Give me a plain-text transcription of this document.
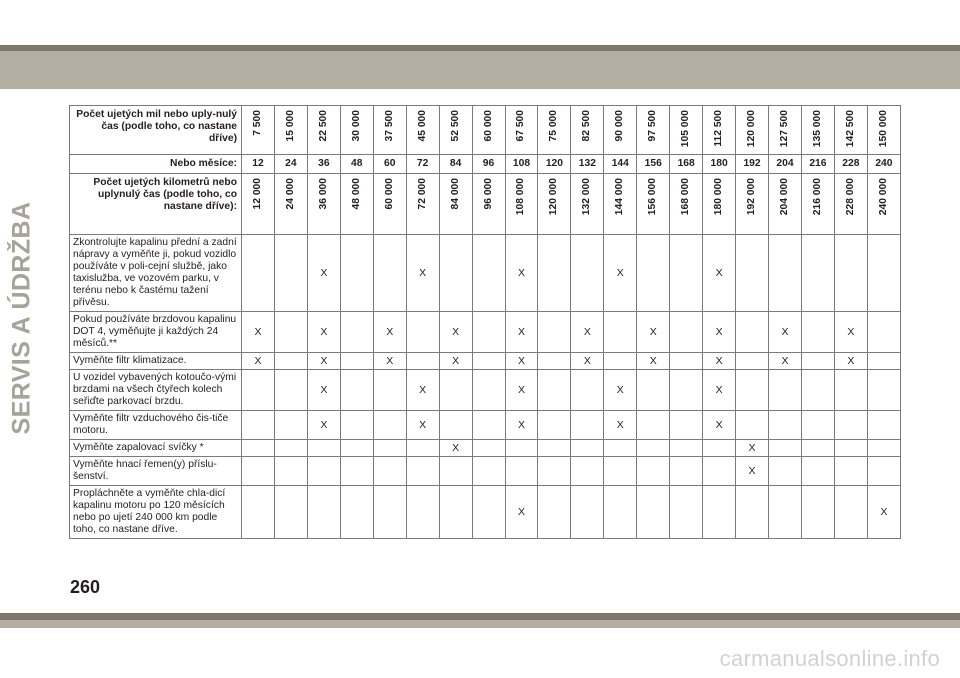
SERVIS A ÚDRŽBA
Počet ujetých mil nebo uply-nulý čas (podle toho, co nastane dříve)	7 500	15 000	22 500	30 000	37 500	45 000	52 500	60 000	67 500	75 000	82 500	90 000	97 500	105 000	112 500	120 000	127 500	135 000	142 500	150 000

Nebo měsíce:	12	24	36	48	60	72	84	96	108	120	132	144	156	168	180	192	204	216	228	240
Počet ujetých kilometrů nebo uplynulý čas (podle toho, co nastane dříve):	12 000	24 000	36 000	48 000	60 000	72 000	84 000	96 000	108 000	120 000	132 000	144 000	156 000	168 000	180 000	192 000	204 000	216 000	228 000	240 000

Zkontrolujte kapalinu přední a zadní nápravy a vyměňte ji, pokud vozidlo používáte v poli-cejní službě, jako taxislužba, ve vozovém parku, v terénu nebo k častému tažení přívěsu.			X			X			X			X			X					
Pokud používáte brzdovou kapalinu DOT 4, vyměňujte ji každých 24 měsíců.**	X		X		X		X		X		X		X		X		X		X	
Vyměňte filtr klimatizace.	X		X		X		X		X		X		X		X		X		X	
U vozidel vybavených kotoučo-vými brzdami na všech čtyřech kolech seřiďte parkovací brzdu.			X			X			X			X			X					
Vyměňte filtr vzduchového čis-tiče motoru.			X			X			X			X			X					
Vyměňte zapalovací svíčky *							X									X				
Vyměňte hnací řemen(y) příslu-šenství.																X				
Propláchněte a vyměňte chla-dicí kapalinu motoru po 120 měsících nebo po ujetí 240 000 km podle toho, co nastane dříve.									X											X
260
carmanualsonline.info
